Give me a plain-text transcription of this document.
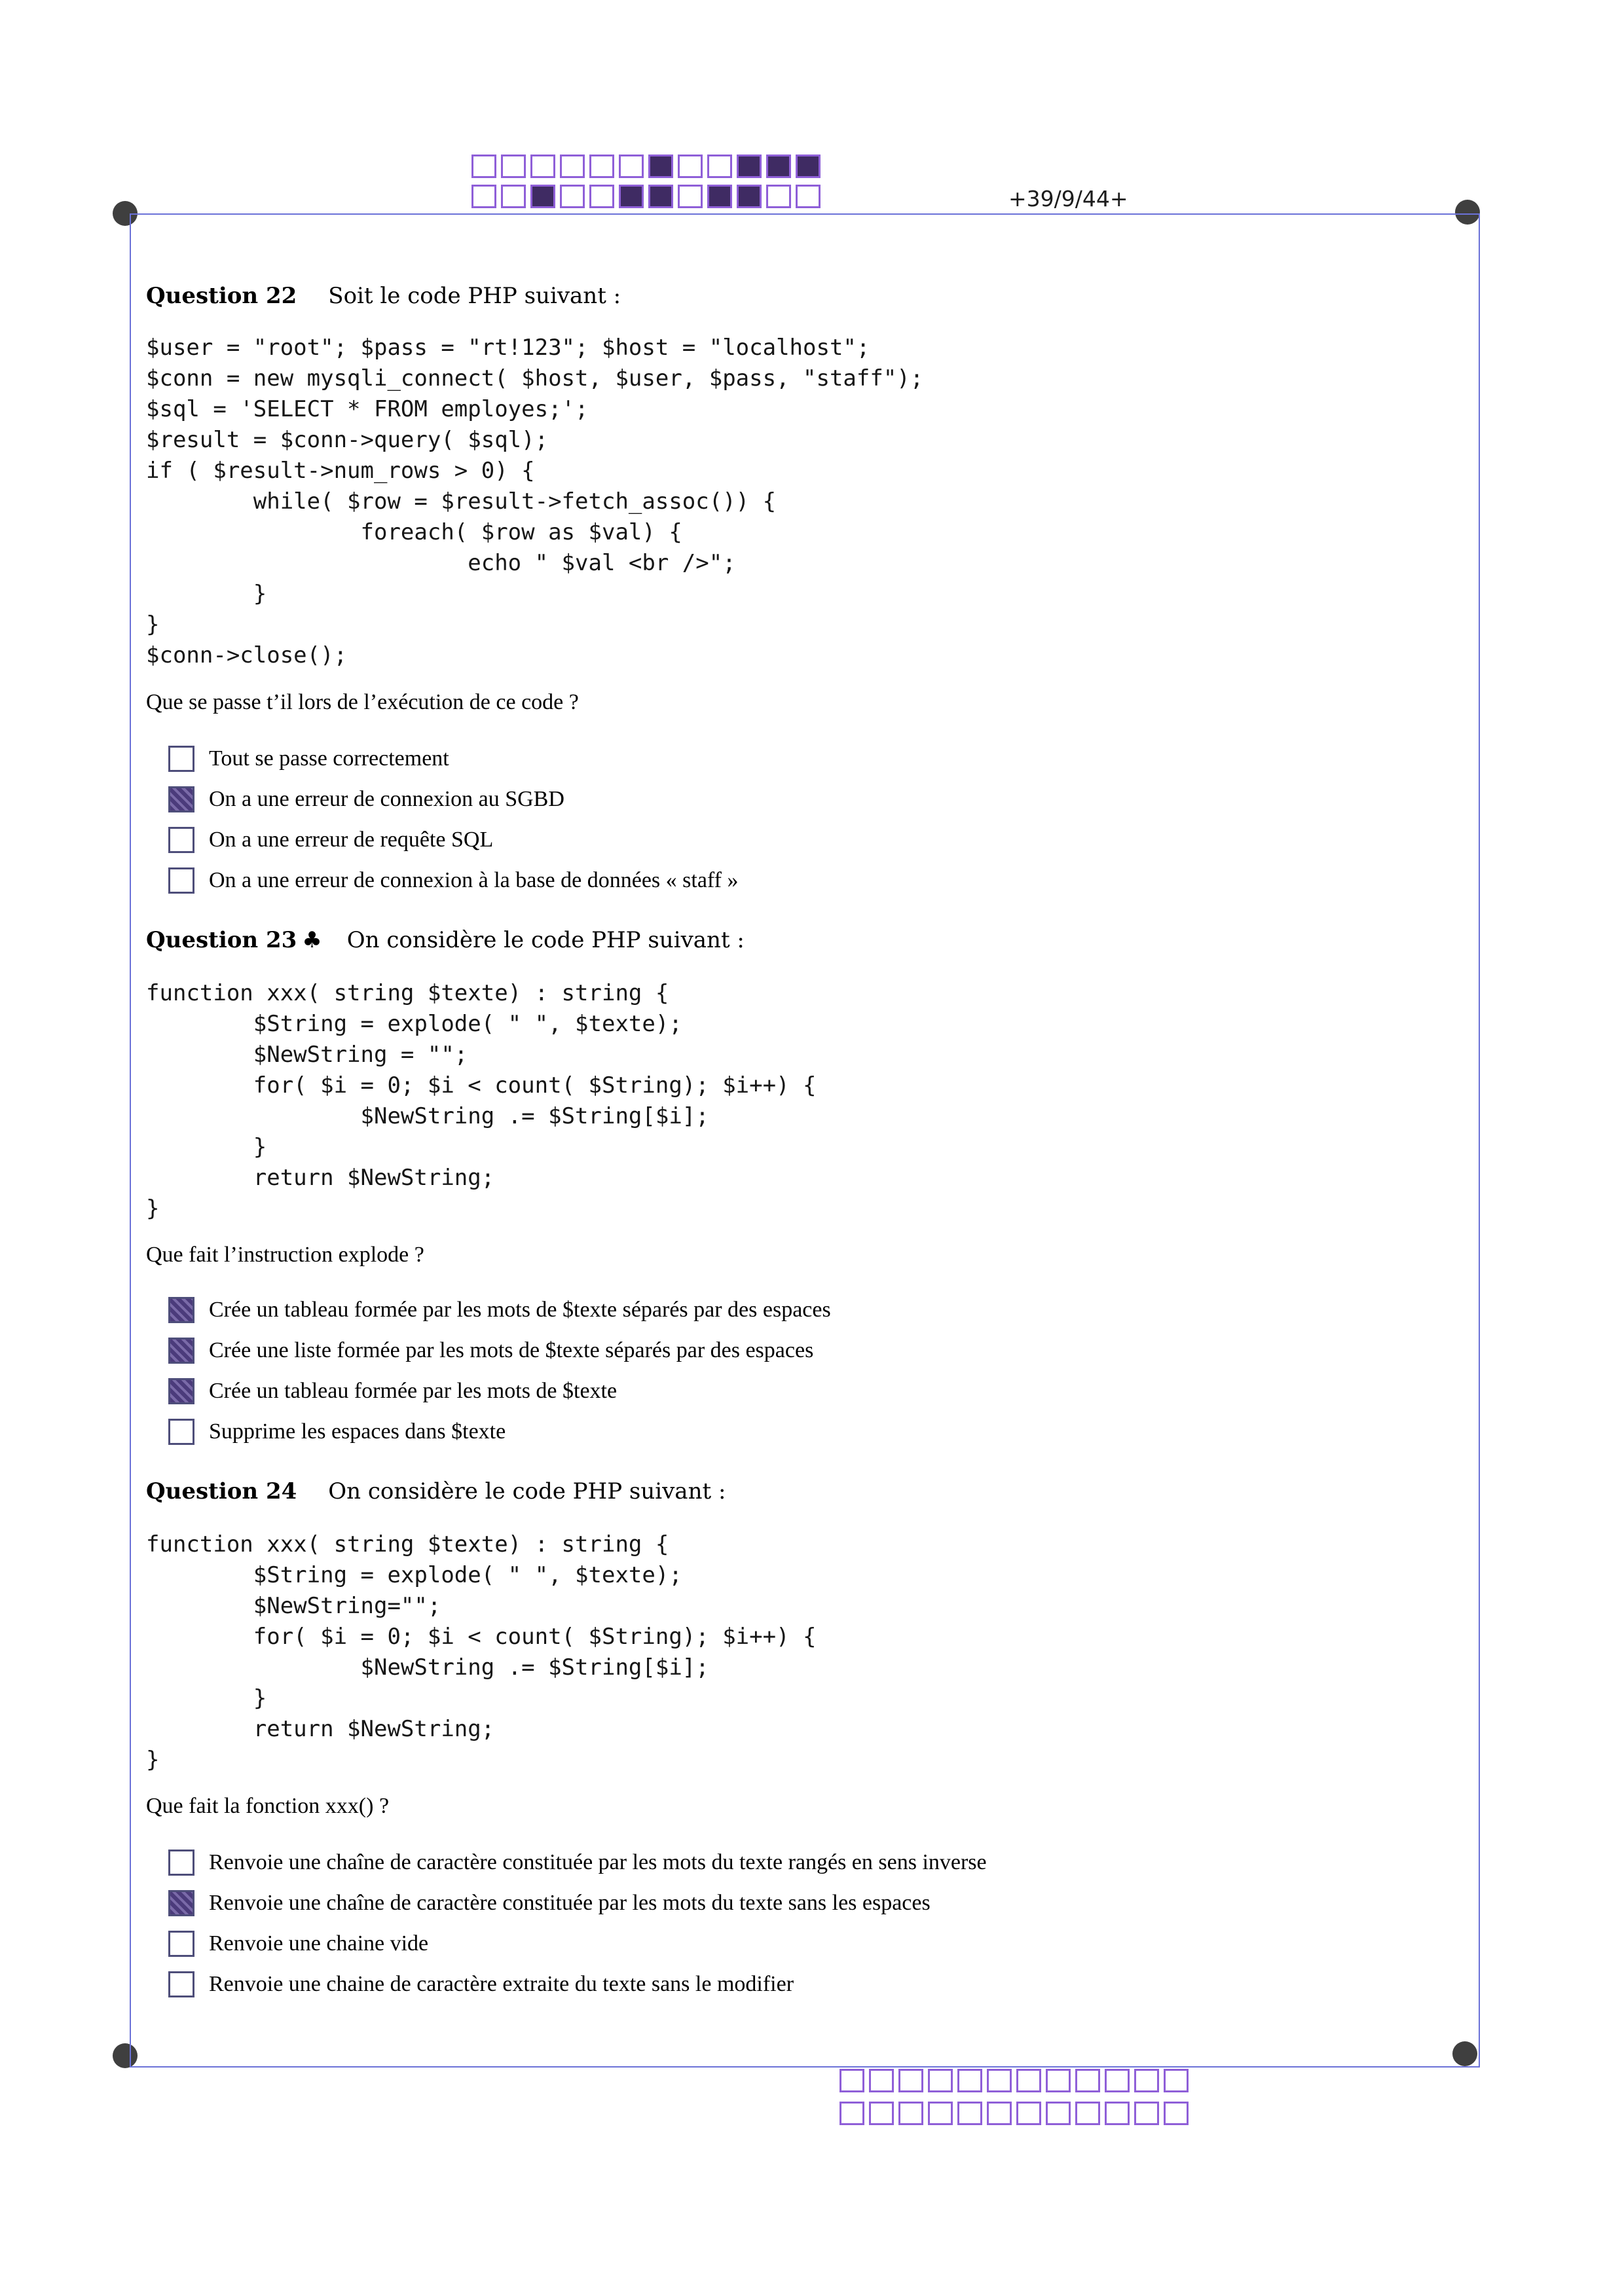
+39/9/44+
Question 22 Soit le code PHP suivant :
$user = "root"; $pass = "rt!123"; $host = "localhost";
$conn = new mysqli_connect( $host, $user, $pass, "staff");
$sql = 'SELECT * FROM employes;';
$result = $conn->query( $sql);
if ( $result->num_rows > 0) {
while( $row = $result->fetch_assoc()) {
foreach( $row as $val) {
echo " $val <br />";
}
}
$conn->close();
Que se passe t’il lors de l’exécution de ce code ?
Tout se passe correctement
On a une erreur de connexion au SGBD
On a une erreur de requête SQL
On a une erreur de connexion à la base de données « staff »
Question 23 ♣ On considère le code PHP suivant :
function xxx( string $texte) : string {
$String = explode( " ", $texte);
$NewString = "";
for( $i = 0; $i < count( $String); $i++) {
$NewString .= $String[$i];
}
return $NewString;
}
Que fait l’instruction explode ?
Crée un tableau formée par les mots de $texte séparés par des espaces
Crée une liste formée par les mots de $texte séparés par des espaces
Crée un tableau formée par les mots de $texte
Supprime les espaces dans $texte
Question 24 On considère le code PHP suivant :
function xxx( string $texte) : string {
$String = explode( " ", $texte);
$NewString="";
for( $i = 0; $i < count( $String); $i++) {
$NewString .= $String[$i];
}
return $NewString;
}
Que fait la fonction xxx() ?
Renvoie une chaîne de caractère constituée par les mots du texte rangés en sens inverse
Renvoie une chaîne de caractère constituée par les mots du texte sans les espaces
Renvoie une chaine vide
Renvoie une chaine de caractère extraite du texte sans le modifier
